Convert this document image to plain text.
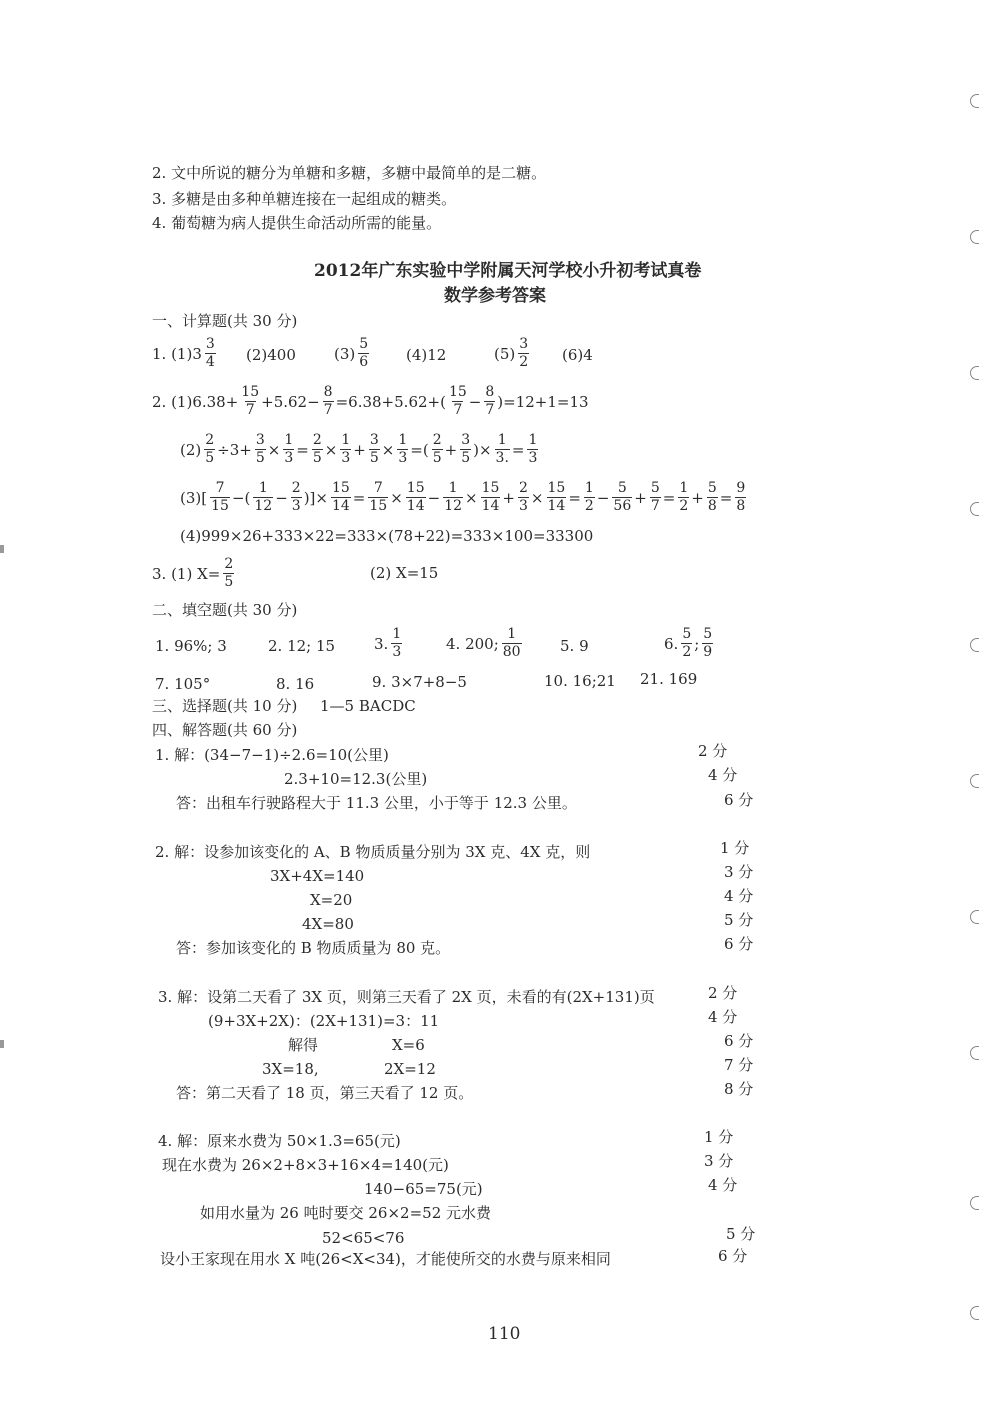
2. 文中所说的糖分为单糖和多糖，多糖中最简单的是二糖。
3. 多糖是由多种单糖连接在一起组成的糖类。
4. 葡萄糖为病人提供生命活动所需的能量。
2012年广东实验中学附属天河学校小升初考试真卷
数学参考答案
一、计算题(共 30 分)
1. $(1)3 \frac{3}{4} (2)400$	$(3) \frac{5}{6} (4)12$	$(5) \frac{3}{2} (6)4$
2. $(1)6.38+ \frac{15}{7} +5.62- \frac{8}{7} =6.38+5.62+( \frac{15}{7} - \frac{8}{7} )=12+1=13$
$(2) \frac{2}{5} \div 3+ \frac{3}{5} \times \frac{1}{3} = \frac{2}{5} \times \frac{1}{3} + \frac{3}{5} \times \frac{1}{3}$ =( $\frac{2}{5} + \frac{3}{5}$ )× $\frac{1}{3.} = \frac{1}{3}$
$(3)[ \frac{7}{15}$ −( $\frac{1}{12} - \frac{2}{3}$ )]× $\frac{15}{14} = \frac{7}{15} \times \frac{15}{14} - \frac{1}{12} \times \frac{15}{14} + \frac{2}{3} \times \frac{15}{14} = \frac{1}{2} - \frac{5}{56} + \frac{5}{7} = \frac{1}{2} + \frac{5}{8} = \frac{9}{8}$
(4)999×26+333×22=333×(78+22)=333×100=33300
3. (1) $X= \frac{2}{5}$	(2) X=15
二、填空题(共 30 分)
1. 96%; 3	2. 12; 15	3. $\frac{1}{3}$	4. 200; $\frac{1}{80}$	5. 9	6. $\frac{5}{2}$ ; $\frac{5}{9}$
7. 105°	8. 16	9. 3×7+8−5	10. 16;21 21. 169
三、选择题(共 10 分) 1—5 BACDC
四、解答题(共 60 分)
1. 解：(34−7−1)÷2.6=10(公里)	2 分
2.3+10=12.3(公里)	4 分
答：出租车行驶路程大于 11.3 公里，小于等于 12.3 公里。	6 分
2. 解：设参加该变化的 A、B 物质质量分别为 3X 克、4X 克，则	1 分
3X+4X=140	3 分
X=20	4 分
4X=80	5 分
答：参加该变化的 B 物质质量为 80 克。	6 分
3. 解：设第二天看了 3X 页，则第三天看了 2X 页，未看的有(2X+131)页	2 分
(9+3X+2X)：(2X+131)=3：11	4 分
解得	X=6	6 分
3X=18,	2X=12	7 分
答：第二天看了 18 页，第三天看了 12 页。	8 分
4. 解：原来水费为 50×1.3=65(元)	1 分
现在水费为 26×2+8×3+16×4=140(元)	3 分
140−65=75(元)	4 分
如用水量为 26 吨时要交 26×2=52 元水费
52<65<76	5 分
设小王家现在用水 X 吨(26<X<34)，才能使所交的水费与原来相同	6 分
110
